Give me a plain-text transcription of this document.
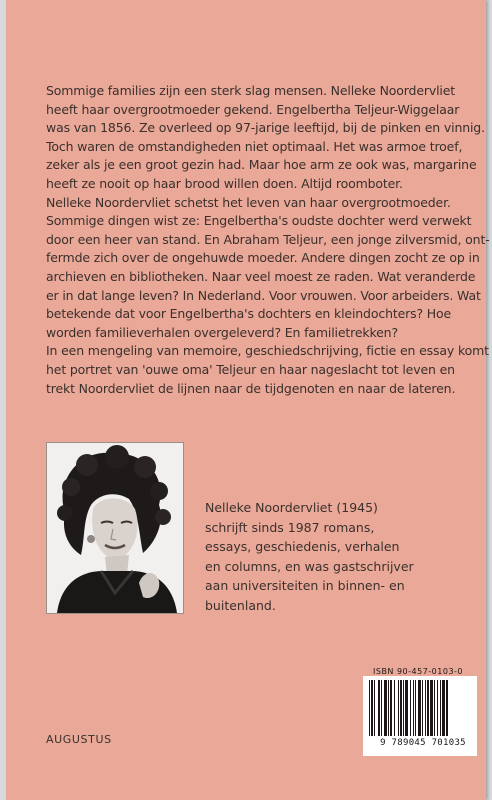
Sommige families zijn een sterk slag mensen. Nelleke Noordervliet

heeft haar overgrootmoeder gekend. Engelbertha Teljeur-Wiggelaar

was van 1856. Ze overleed op 97-jarige leeftijd, bij de pinken en vinnig.

Toch waren de omstandigheden niet optimaal. Het was armoe troef,

zeker als je een groot gezin had. Maar hoe arm ze ook was, margarine

heeft ze nooit op haar brood willen doen. Altijd roomboter.

Nelleke Noordervliet schetst het leven van haar overgrootmoeder.

Sommige dingen wist ze: Engelbertha's oudste dochter werd verwekt

door een heer van stand. En Abraham Teljeur, een jonge zilversmid, ont-

fermde zich over de ongehuwde moeder. Andere dingen zocht ze op in

archieven en bibliotheken. Naar veel moest ze raden. Wat veranderde

er in dat lange leven? In Nederland. Voor vrouwen. Voor arbeiders. Wat

betekende dat voor Engelbertha's dochters en kleindochters? Hoe

worden familieverhalen overgeleverd? En familietrekken?

In een mengeling van memoire, geschiedschrijving, fictie en essay komt

het portret van 'ouwe oma' Teljeur en haar nageslacht tot leven en

trekt Noordervliet de lijnen naar de tijdgenoten en naar de lateren.

Nelleke Noordervliet (1945)

schrijft sinds 1987 romans,

essays, geschiedenis, verhalen

en columns, en was gastschrijver

aan universiteiten in binnen- en

buitenland.

ISBN 90-457-0103-0
9 789045 701035
AUGUSTUS
